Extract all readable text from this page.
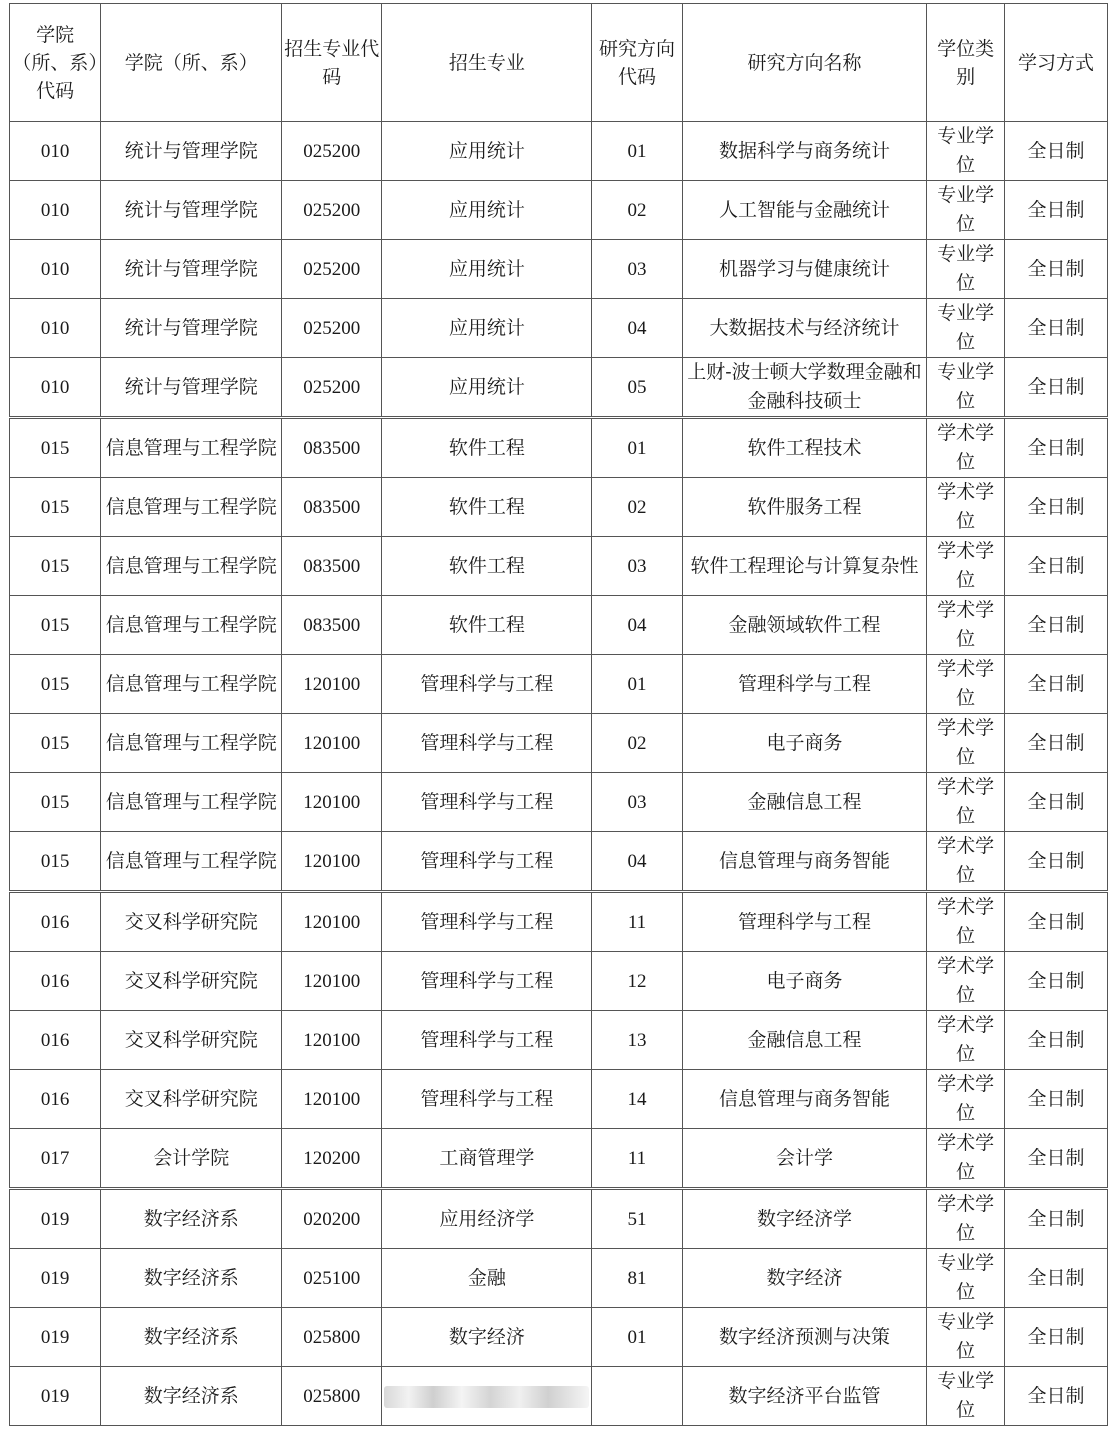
学院（所、系）代码	学院（所、系）	招生专业代码	招生专业	研究方向代码	研究方向名称	学位类别	学习方式
010	统计与管理学院	025200	应用统计	01	数据科学与商务统计	专业学位	全日制
010	统计与管理学院	025200	应用统计	02	人工智能与金融统计	专业学位	全日制
010	统计与管理学院	025200	应用统计	03	机器学习与健康统计	专业学位	全日制
010	统计与管理学院	025200	应用统计	04	大数据技术与经济统计	专业学位	全日制
010	统计与管理学院	025200	应用统计	05	上财-波士顿大学数理金融和金融科技硕士	专业学位	全日制
015	信息管理与工程学院	083500	软件工程	01	软件工程技术	学术学位	全日制
015	信息管理与工程学院	083500	软件工程	02	软件服务工程	学术学位	全日制
015	信息管理与工程学院	083500	软件工程	03	软件工程理论与计算复杂性	学术学位	全日制
015	信息管理与工程学院	083500	软件工程	04	金融领域软件工程	学术学位	全日制
015	信息管理与工程学院	120100	管理科学与工程	01	管理科学与工程	学术学位	全日制
015	信息管理与工程学院	120100	管理科学与工程	02	电子商务	学术学位	全日制
015	信息管理与工程学院	120100	管理科学与工程	03	金融信息工程	学术学位	全日制
015	信息管理与工程学院	120100	管理科学与工程	04	信息管理与商务智能	学术学位	全日制
016	交叉科学研究院	120100	管理科学与工程	11	管理科学与工程	学术学位	全日制
016	交叉科学研究院	120100	管理科学与工程	12	电子商务	学术学位	全日制
016	交叉科学研究院	120100	管理科学与工程	13	金融信息工程	学术学位	全日制
016	交叉科学研究院	120100	管理科学与工程	14	信息管理与商务智能	学术学位	全日制
017	会计学院	120200	工商管理学	11	会计学	学术学位	全日制
019	数字经济系	020200	应用经济学	51	数字经济学	学术学位	全日制
019	数字经济系	025100	金融	81	数字经济	专业学位	全日制
019	数字经济系	025800	数字经济	01	数字经济预测与决策	专业学位	全日制
019	数字经济系	025800			数字经济平台监管	专业学位	全日制
